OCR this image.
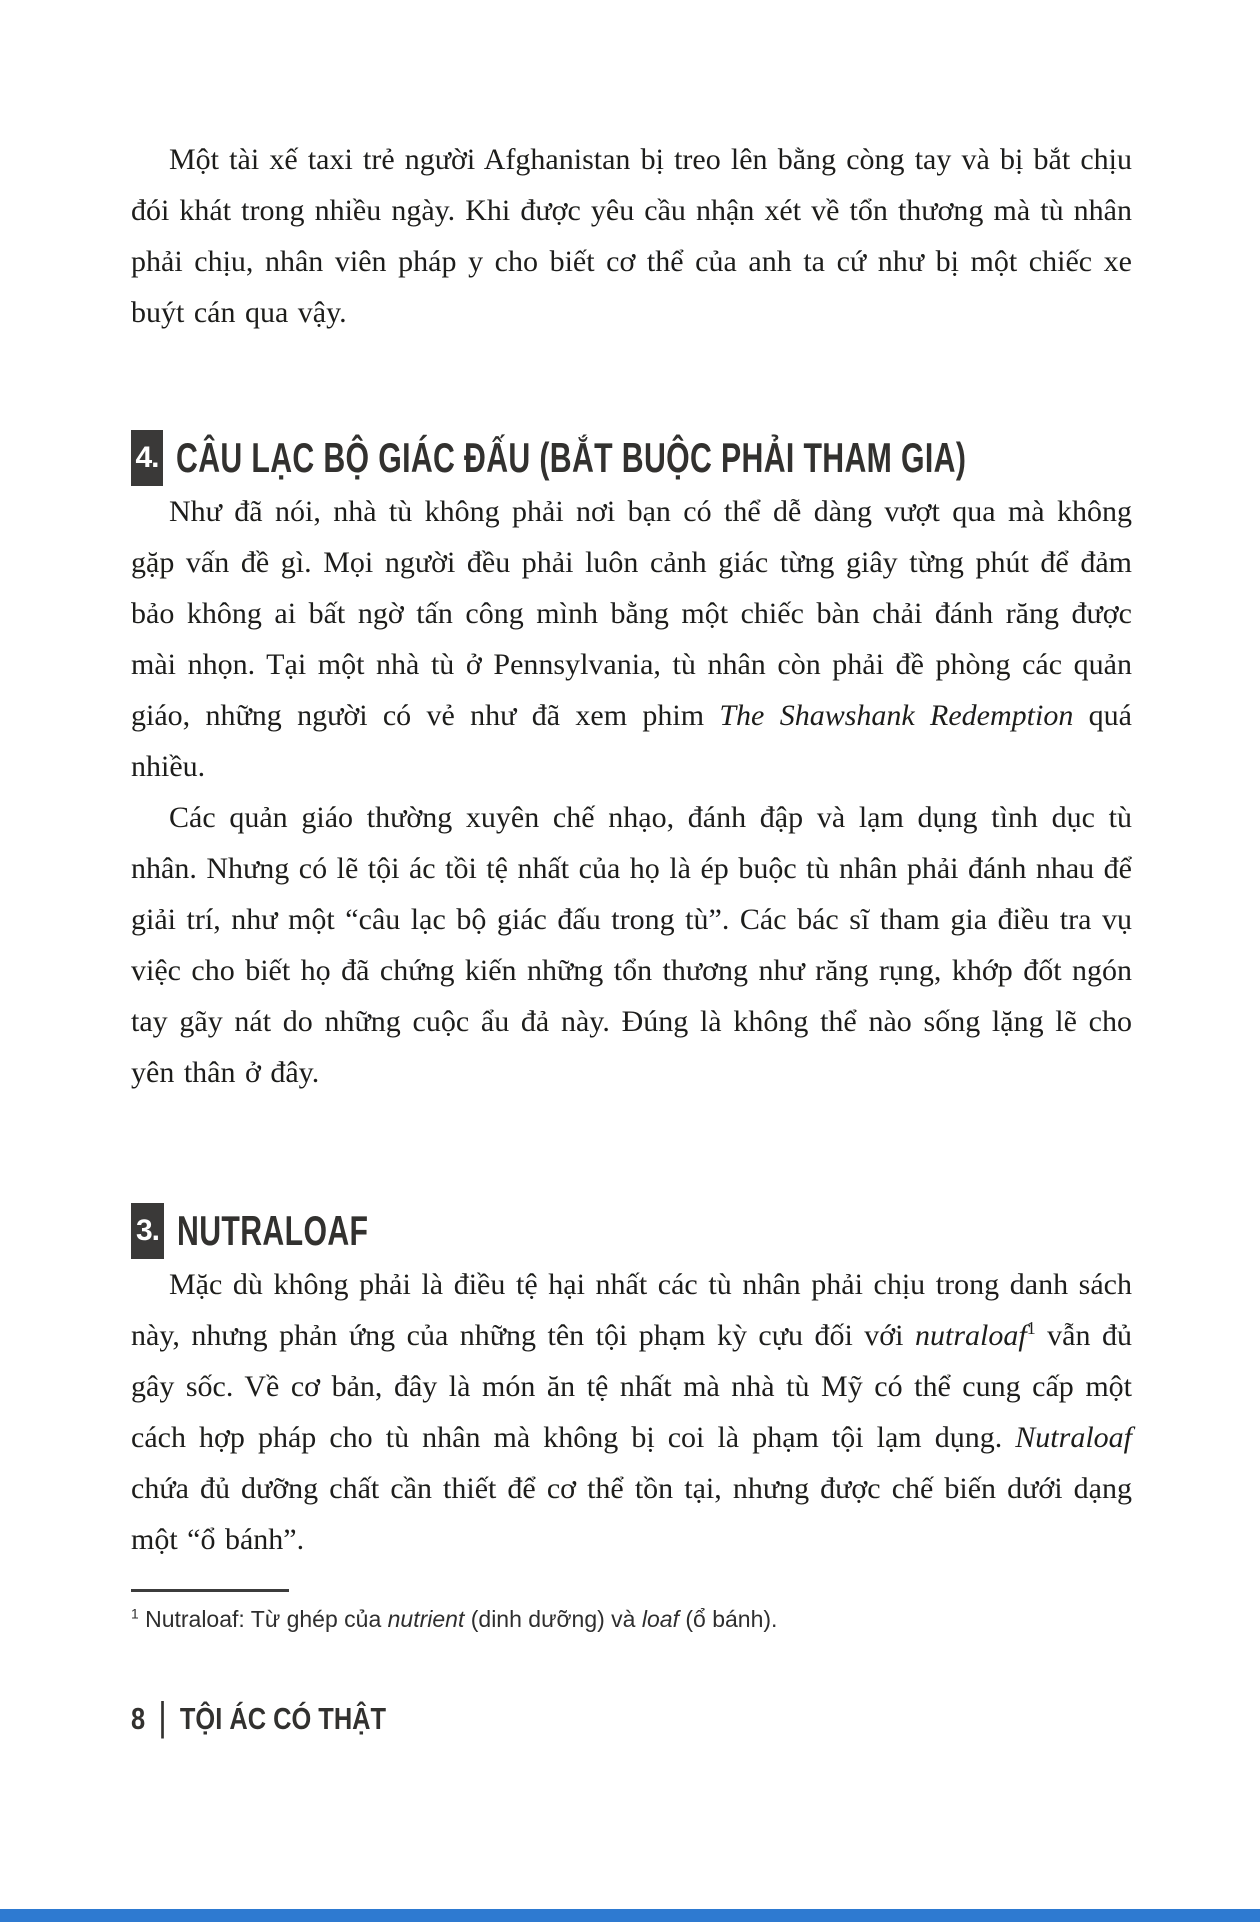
Một tài xế taxi trẻ người Afghanistan bị treo lên bằng còng tay và bị bắt chịu đói khát trong nhiều ngày. Khi được yêu cầu nhận xét về tổn thương mà tù nhân phải chịu, nhân viên pháp y cho biết cơ thể của anh ta cứ như bị một chiếc xe buýt cán qua vậy.

4. CÂU LẠC BỘ GIÁC ĐẤU (BẮT BUỘC PHẢI THAM GIA)

Như đã nói, nhà tù không phải nơi bạn có thể dễ dàng vượt qua mà không gặp vấn đề gì. Mọi người đều phải luôn cảnh giác từng giây từng phút để đảm bảo không ai bất ngờ tấn công mình bằng một chiếc bàn chải đánh răng được mài nhọn. Tại một nhà tù ở Pennsylvania, tù nhân còn phải đề phòng các quản giáo, những người có vẻ như đã xem phim The Shawshank Redemption quá nhiều.

Các quản giáo thường xuyên chế nhạo, đánh đập và lạm dụng tình dục tù nhân. Nhưng có lẽ tội ác tồi tệ nhất của họ là ép buộc tù nhân phải đánh nhau để giải trí, như một “câu lạc bộ giác đấu trong tù”. Các bác sĩ tham gia điều tra vụ việc cho biết họ đã chứng kiến những tổn thương như răng rụng, khớp đốt ngón tay gãy nát do những cuộc ẩu đả này. Đúng là không thể nào sống lặng lẽ cho yên thân ở đây.

3. NUTRALOAF

Mặc dù không phải là điều tệ hại nhất các tù nhân phải chịu trong danh sách này, nhưng phản ứng của những tên tội phạm kỳ cựu đối với nutraloaf$^1$ vẫn đủ gây sốc. Về cơ bản, đây là món ăn tệ nhất mà nhà tù Mỹ có thể cung cấp một cách hợp pháp cho tù nhân mà không bị coi là phạm tội lạm dụng. Nutraloaf chứa đủ dưỡng chất cần thiết để cơ thể tồn tại, nhưng được chế biến dưới dạng một “ổ bánh”.

$^1$ Nutraloaf: Từ ghép của nutrient (dinh dưỡng) và loaf (ổ bánh).

8 | TỘI ÁC CÓ THẬT
